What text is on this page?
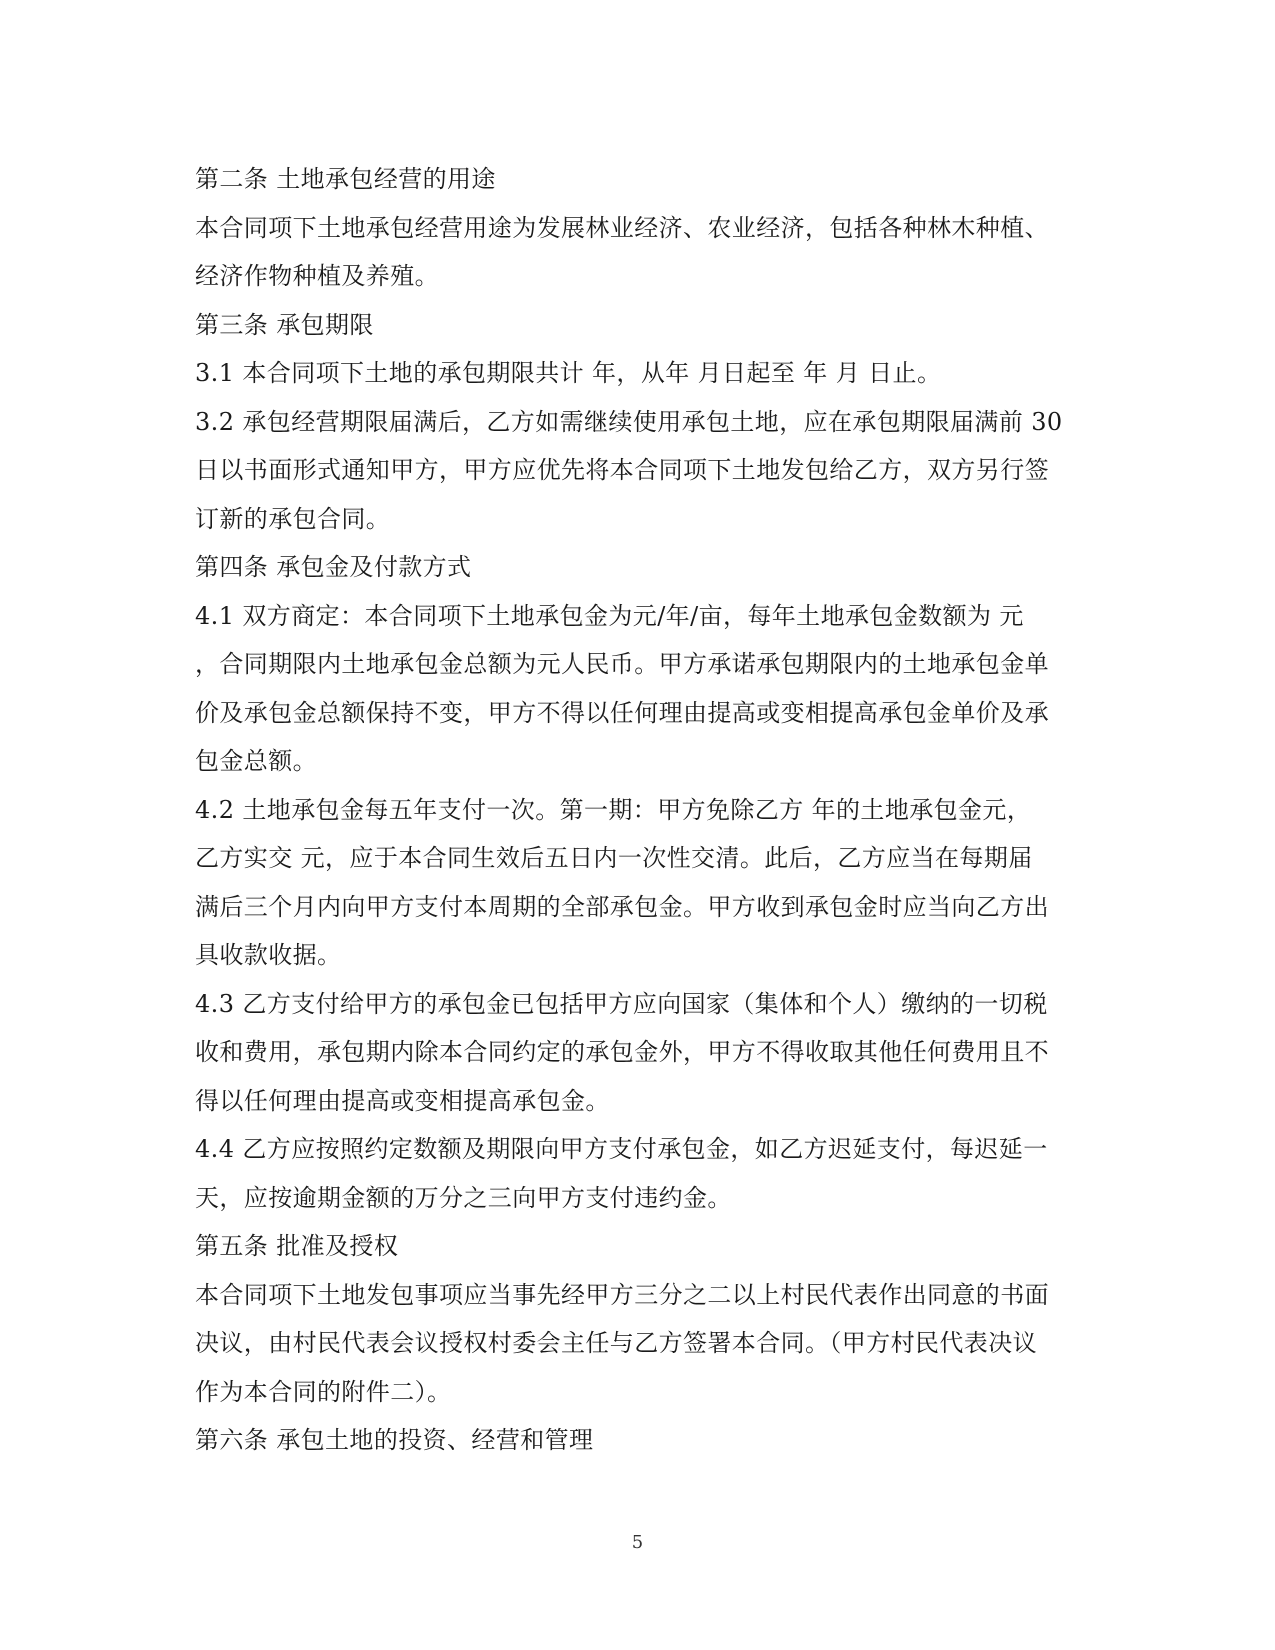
第二条 土地承包经营的用途
本合同项下土地承包经营用途为发展林业经济、农业经济，包括各种林木种植、
经济作物种植及养殖。
第三条 承包期限
3.1 本合同项下土地的承包期限共计 年，从年 月日起至 年 月 日止。
3.2 承包经营期限届满后，乙方如需继续使用承包土地，应在承包期限届满前 30
日以书面形式通知甲方，甲方应优先将本合同项下土地发包给乙方，双方另行签
订新的承包合同。
第四条 承包金及付款方式
4.1 双方商定：本合同项下土地承包金为元/年/亩，每年土地承包金数额为 元
，合同期限内土地承包金总额为元人民币。甲方承诺承包期限内的土地承包金单
价及承包金总额保持不变，甲方不得以任何理由提高或变相提高承包金单价及承
包金总额。
4.2 土地承包金每五年支付一次。第一期：甲方免除乙方 年的土地承包金元，
乙方实交 元，应于本合同生效后五日内一次性交清。此后，乙方应当在每期届
满后三个月内向甲方支付本周期的全部承包金。甲方收到承包金时应当向乙方出
具收款收据。
4.3 乙方支付给甲方的承包金已包括甲方应向国家（集体和个人）缴纳的一切税
收和费用，承包期内除本合同约定的承包金外，甲方不得收取其他任何费用且不
得以任何理由提高或变相提高承包金。
4.4 乙方应按照约定数额及期限向甲方支付承包金，如乙方迟延支付，每迟延一
天，应按逾期金额的万分之三向甲方支付违约金。
第五条 批准及授权
本合同项下土地发包事项应当事先经甲方三分之二以上村民代表作出同意的书面
决议，由村民代表会议授权村委会主任与乙方签署本合同。（甲方村民代表决议
作为本合同的附件二）。
第六条 承包土地的投资、经营和管理
5
